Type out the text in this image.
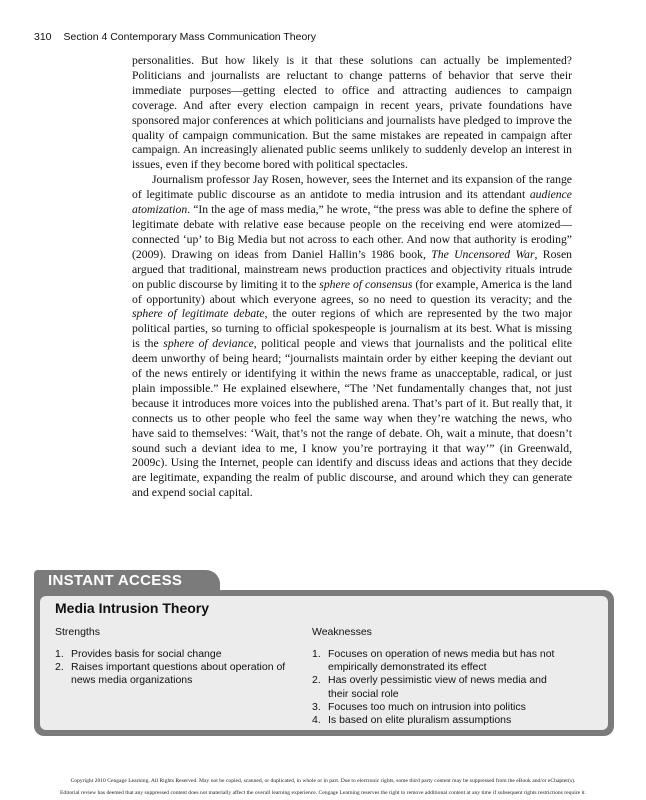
310 Section 4 Contemporary Mass Communication Theory

personalities. But how likely is it that these solutions can actually be implemented? Politicians and journalists are reluctant to change patterns of behavior that serve their immediate purposes—getting elected to office and attracting audiences to campaign coverage. And after every election campaign in recent years, private foundations have sponsored major conferences at which politicians and journalists have pledged to improve the quality of campaign communication. But the same mistakes are repeated in campaign after campaign. An increasingly alienated public seems unlikely to suddenly develop an interest in issues, even if they become bored with political spectacles.

Journalism professor Jay Rosen, however, sees the Internet and its expansion of the range of legitimate public discourse as an antidote to media intrusion and its attendant audience atomization. “In the age of mass media,” he wrote, “the press was able to define the sphere of legitimate debate with relative ease because people on the receiving end were atomized—connected ‘up’ to Big Media but not across to each other. And now that authority is eroding” (2009). Drawing on ideas from Daniel Hallin’s 1986 book, The Uncensored War, Rosen argued that traditional, mainstream news production practices and objectivity rituals intrude on public discourse by limiting it to the sphere of consensus (for example, America is the land of opportunity) about which everyone agrees, so no need to question its veracity; and the sphere of legitimate debate, the outer regions of which are represented by the two major political parties, so turning to official spokespeople is journalism at its best. What is missing is the sphere of deviance, political people and views that journalists and the political elite deem unworthy of being heard; “journalists maintain order by either keeping the deviant out of the news entirely or identifying it within the news frame as unacceptable, radical, or just plain impossible.” He explained elsewhere, “The ’Net fundamentally changes that, not just because it introduces more voices into the published arena. That’s part of it. But really that, it connects us to other people who feel the same way when they’re watching the news, who have said to themselves: ‘Wait, that’s not the range of debate. Oh, wait a minute, that doesn’t sound such a deviant idea to me, I know you’re portraying it that way’” (in Greenwald, 2009c). Using the Internet, people can identify and discuss ideas and actions that they decide are legitimate, expanding the realm of public discourse, and around which they can generate and expend social capital.

INSTANT ACCESS
Media Intrusion Theory
Strengths
1. Provides basis for social change
2. Raises important questions about operation of news media organizations
Weaknesses
1. Focuses on operation of news media but has not empirically demonstrated its effect
2. Has overly pessimistic view of news media and their social role
3. Focuses too much on intrusion into politics
4. Is based on elite pluralism assumptions
Copyright 2010 Cengage Learning. All Rights Reserved. May not be copied, scanned, or duplicated, in whole or in part. Due to electronic rights, some third party content may be suppressed from the eBook and/or eChapter(s).
Editorial review has deemed that any suppressed content does not materially affect the overall learning experience. Cengage Learning reserves the right to remove additional content at any time if subsequent rights restrictions require it.
